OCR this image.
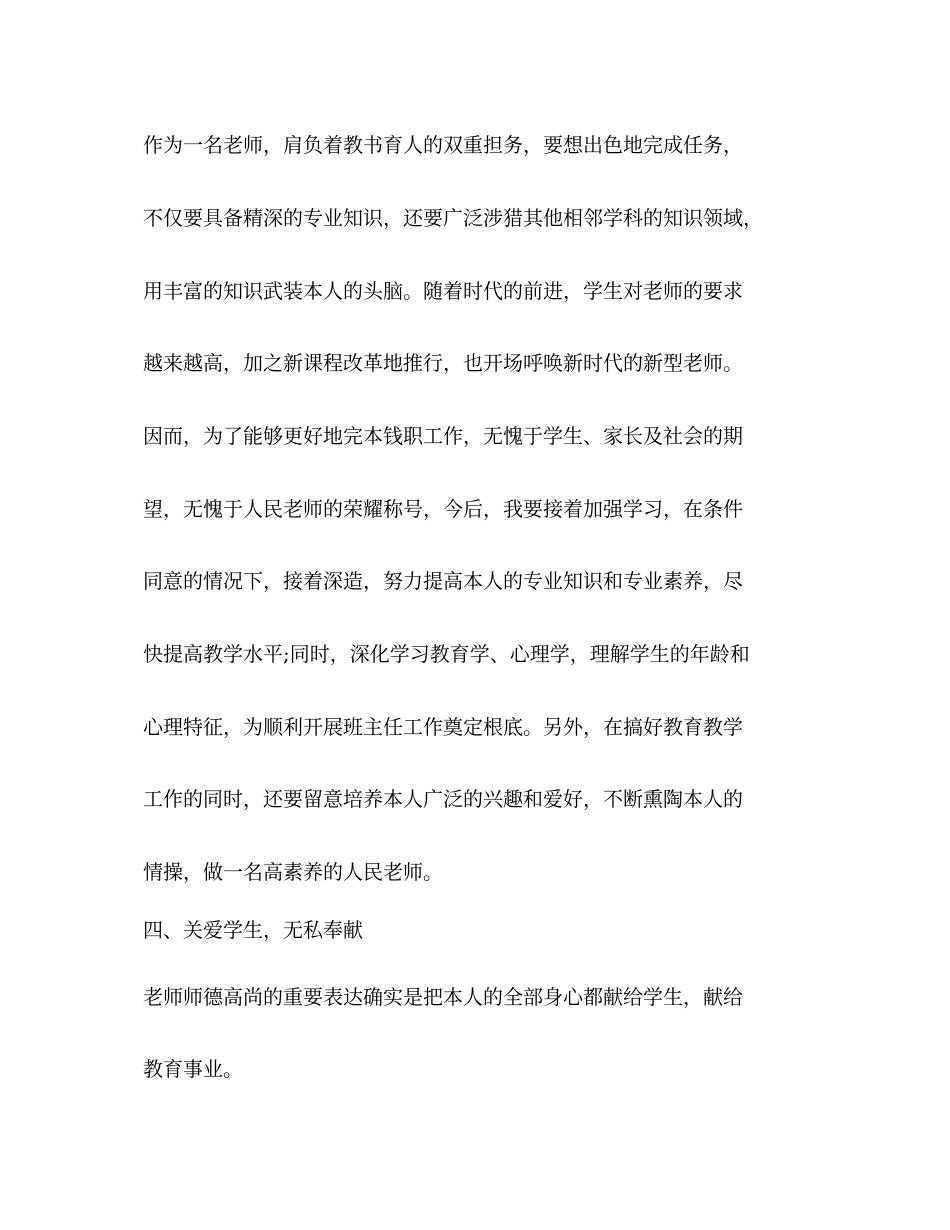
作为一名老师，肩负着教书育人的双重担务，要想出色地完成任务，

不仅要具备精深的专业知识，还要广泛涉猎其他相邻学科的知识领域，

用丰富的知识武装本人的头脑。随着时代的前进，学生对老师的要求

越来越高，加之新课程改革地推行，也开场呼唤新时代的新型老师。

因而，为了能够更好地完本钱职工作，无愧于学生、家长及社会的期

望，无愧于人民老师的荣耀称号，今后，我要接着加强学习，在条件

同意的情况下，接着深造，努力提高本人的专业知识和专业素养，尽

快提高教学水平;同时，深化学习教育学、心理学，理解学生的年龄和

心理特征，为顺利开展班主任工作奠定根底。另外，在搞好教育教学

工作的同时，还要留意培养本人广泛的兴趣和爱好，不断熏陶本人的

情操，做一名高素养的人民老师。

四、关爱学生，无私奉献

老师师德高尚的重要表达确实是把本人的全部身心都献给学生，献给

教育事业。
